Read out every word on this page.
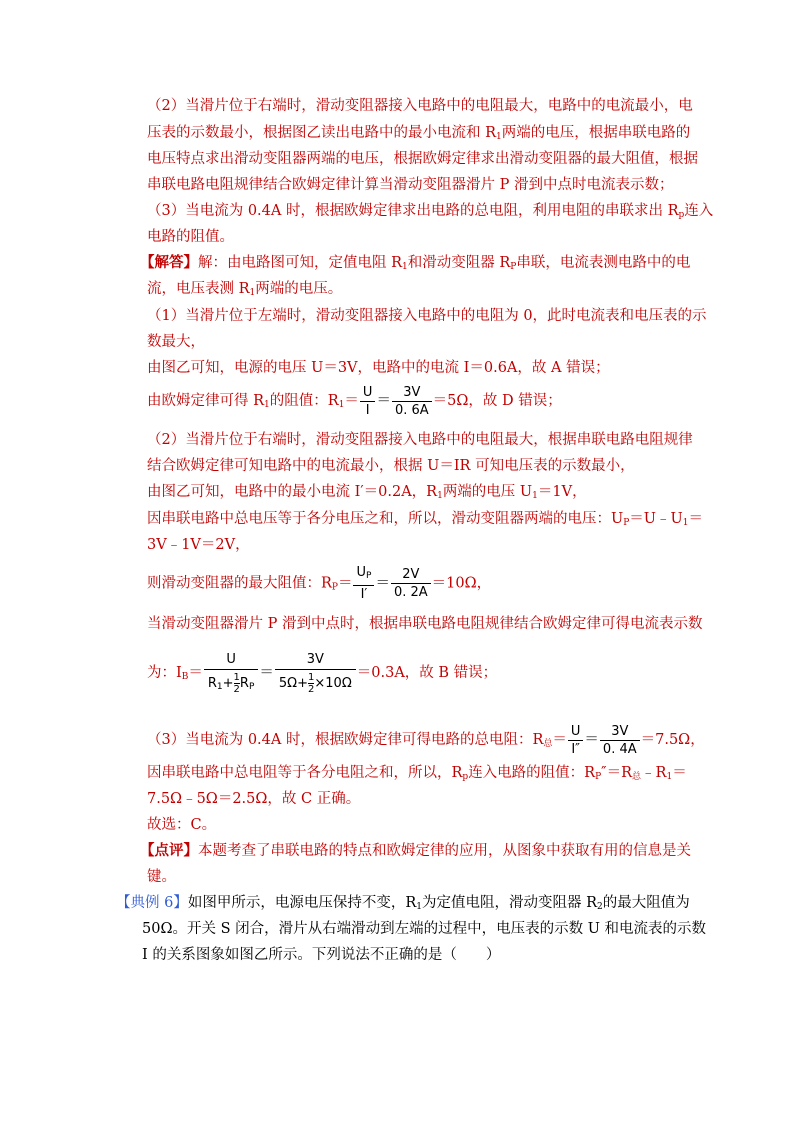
（2）当滑片位于右端时，滑动变阻器接入电路中的电阻最大，电路中的电流最小，电
压表的示数最小，根据图乙读出电路中的最小电流和 $R_1$两端的电压，根据串联电路的
电压特点求出滑动变阻器两端的电压，根据欧姆定律求出滑动变阻器的最大阻值，根据
串联电路电阻规律结合欧姆定律计算当滑动变阻器滑片 P 滑到中点时电流表示数；
（3）当电流为 0.4A 时，根据欧姆定律求出电路的总电阻，利用电阻的串联求出 $R_p$连入
电路的阻值。
【解答】解：由电路图可知，定值电阻 $R_1$和滑动变阻器 $R_P$串联，电流表测电路中的电
流，电压表测 $R_1$两端的电压。
（1）当滑片位于左端时，滑动变阻器接入电路中的电阻为 0，此时电流表和电压表的示
数最大，
由图乙可知，电源的电压 U＝3V，电路中的电流 I＝0.6A，故 A 错误；
由欧姆定律可得 $R_1$的阻值：$R_1= \frac{U}{I} = \frac{3V}{0. 6A} =5\Omega$，故 D 错误；
（2）当滑片位于右端时，滑动变阻器接入电路中的电阻最大，根据串联电路电阻规律
结合欧姆定律可知电路中的电流最小，根据 U＝IR 可知电压表的示数最小，
由图乙可知，电路中的最小电流 I′＝0.2A，$R_1$两端的电压 $U_1=1V$，
因串联电路中总电压等于各分电压之和，所以，滑动变阻器两端的电压：$U_P=U﹣U_1=$
3V﹣1V＝2V，
则滑动变阻器的最大阻值：$R_P= \frac{U_P}{I'} = \frac{2V}{0. 2A} =10\Omega$，
当滑动变阻器滑片 P 滑到中点时，根据串联电路电阻规律结合欧姆定律可得电流表示数
为：$I_B= \frac{U}{R_1+ \frac{1}{2} R_P} = \frac{3V}{5\Omega+ \frac{1}{2} \times 10\Omega} =0.3A$，故 B 错误；
（3）当电流为 0.4A 时，根据欧姆定律可得电路的总电阻：$R_总= \frac{U}{I''} = \frac{3V}{0. 4A} =7.5\Omega$，
因串联电路中总电阻等于各分电阻之和，所以，$R_p$连入电路的阻值：$R_P''=R_总﹣R_1=$
7.5Ω﹣5Ω＝2.5Ω，故 C 正确。
故选：C。
【点评】本题考查了串联电路的特点和欧姆定律的应用，从图象中获取有用的信息是关
键。
【典例 6】如图甲所示，电源电压保持不变，$R_1$为定值电阻，滑动变阻器 $R_2$的最大阻值为
50Ω。开关 S 闭合，滑片从右端滑动到左端的过程中，电压表的示数 U 和电流表的示数
I 的关系图象如图乙所示。下列说法不正确的是（　　）
